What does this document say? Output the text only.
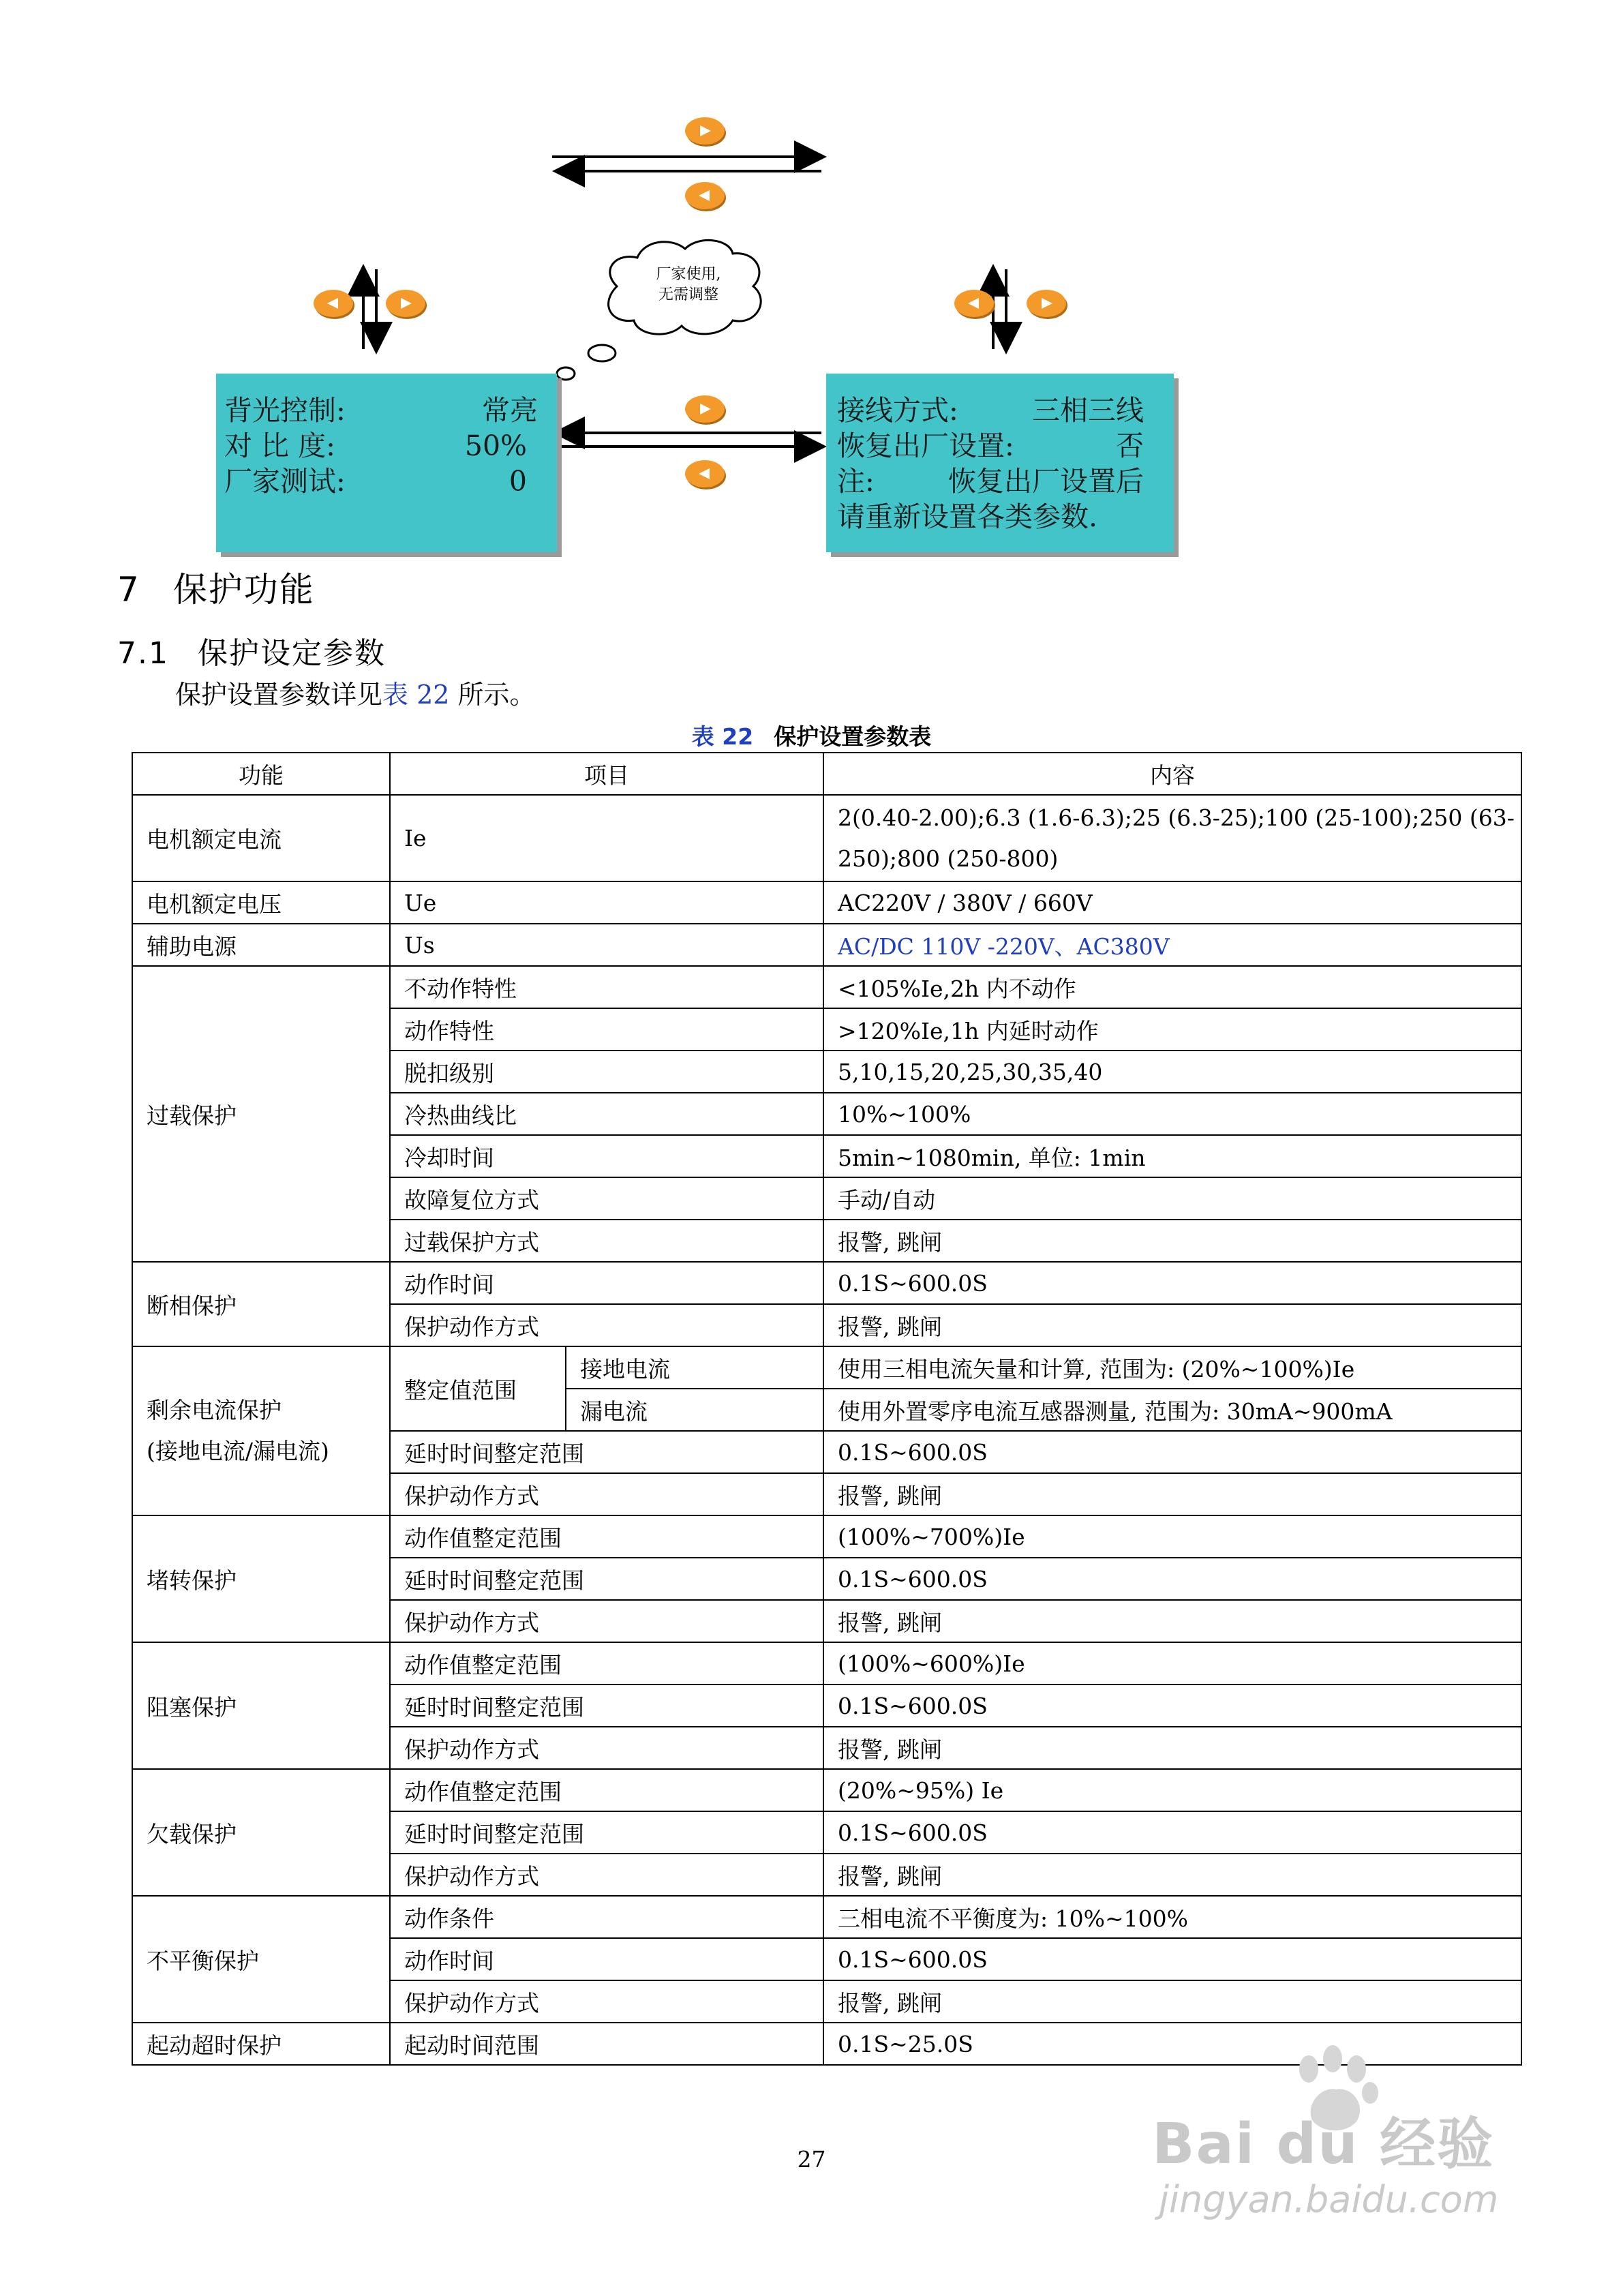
厂家使用,
无需调整
背光控制:	常亮
对 比 度:	50%
厂家测试:	0
接线方式:	三相三线
恢复出厂设置:	否
注:	恢复出厂设置后
请重新设置各类参数.
7 保护功能
7.1 保护设定参数
保护设置参数详见表 22 所示。
表 22 保护设置参数表
功能	项目		内容
电机额定电流	Ie		2(0.40-2.00);6.3 (1.6-6.3);25 (6.3-25);100 (25-100);250 (63-250);800 (250-800)
电机额定电压	Ue		AC220V / 380V / 660V
辅助电源	Us		AC/DC 110V -220V、AC380V
过载保护	不动作特性		<105%Ie,2h 内不动作
	动作特性		>120%Ie,1h 内延时动作
	脱扣级别		5,10,15,20,25,30,35,40
	冷热曲线比		10%~100%
	冷却时间		5min~1080min, 单位: 1min
	故障复位方式		手动/自动
	过载保护方式		报警, 跳闸
断相保护	动作时间		0.1S~600.0S
	保护动作方式		报警, 跳闸

剩余电流保护
(接地电流/漏电流)	整定值范围	接地电流	使用三相电流矢量和计算, 范围为: (20%~100%)Ie
		漏电流	使用外置零序电流互感器测量, 范围为: 30mA~900mA
	延时时间整定范围		0.1S~600.0S
	保护动作方式		报警, 跳闸
堵转保护	动作值整定范围		(100%~700%)Ie
	延时时间整定范围		0.1S~600.0S
	保护动作方式		报警, 跳闸
阻塞保护	动作值整定范围		(100%~600%)Ie
	延时时间整定范围		0.1S~600.0S
	保护动作方式		报警, 跳闸
欠载保护	动作值整定范围		(20%~95%) Ie
	延时时间整定范围		0.1S~600.0S
	保护动作方式		报警, 跳闸
不平衡保护	动作条件		三相电流不平衡度为: 10%~100%
	动作时间		0.1S~600.0S
	保护动作方式		报警, 跳闸
起动超时保护	起动时间范围		0.1S~25.0S
27	Bai du 经验
jingyan.baidu.com
